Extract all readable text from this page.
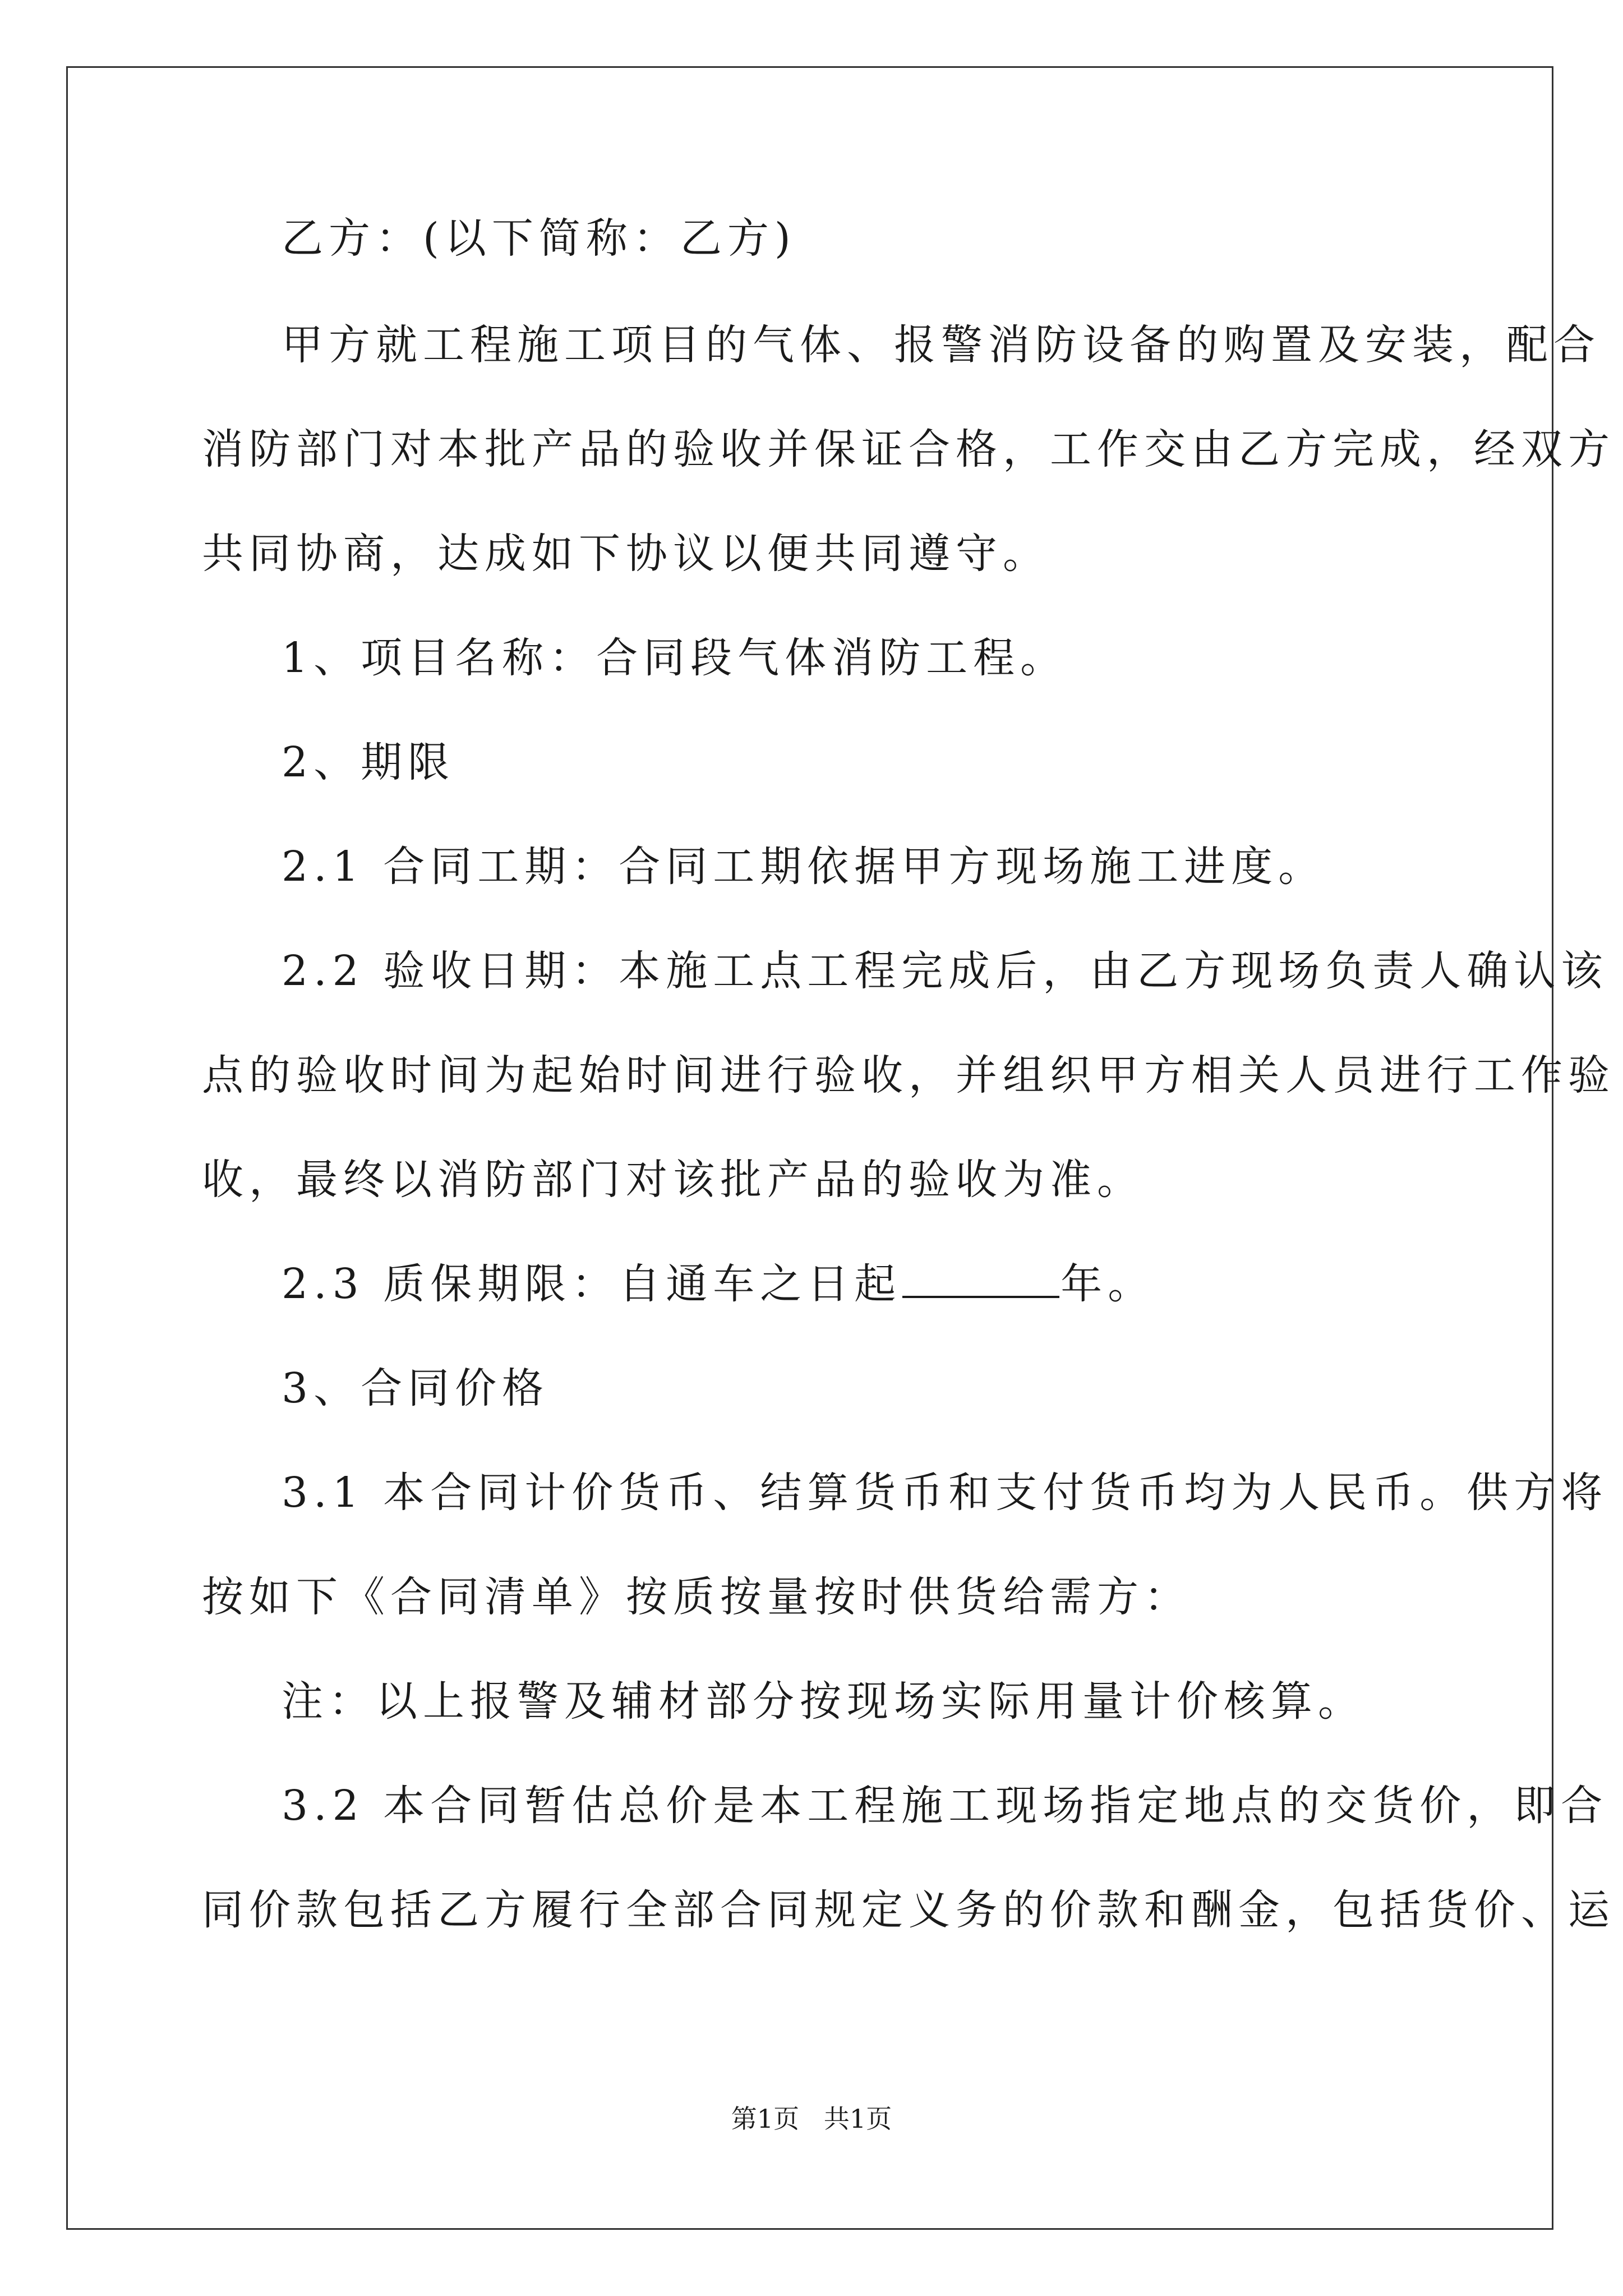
乙方：(以下简称：乙方)
甲方就工程施工项目的气体、报警消防设备的购置及安装，配合
消防部门对本批产品的验收并保证合格，工作交由乙方完成，经双方
共同协商，达成如下协议以便共同遵守。
1、项目名称：合同段气体消防工程。
2、期限
2.1 合同工期：合同工期依据甲方现场施工进度。
2.2 验收日期：本施工点工程完成后，由乙方现场负责人确认该
点的验收时间为起始时间进行验收，并组织甲方相关人员进行工作验
收，最终以消防部门对该批产品的验收为准。
2.3 质保期限：自通车之日起	年。
3、合同价格
3.1 本合同计价货币、结算货币和支付货币均为人民币。供方将
按如下《合同清单》按质按量按时供货给需方：
注：以上报警及辅材部分按现场实际用量计价核算。
3.2 本合同暂估总价是本工程施工现场指定地点的交货价，即合
同价款包括乙方履行全部合同规定义务的价款和酬金，包括货价、运
第1页   共1页
